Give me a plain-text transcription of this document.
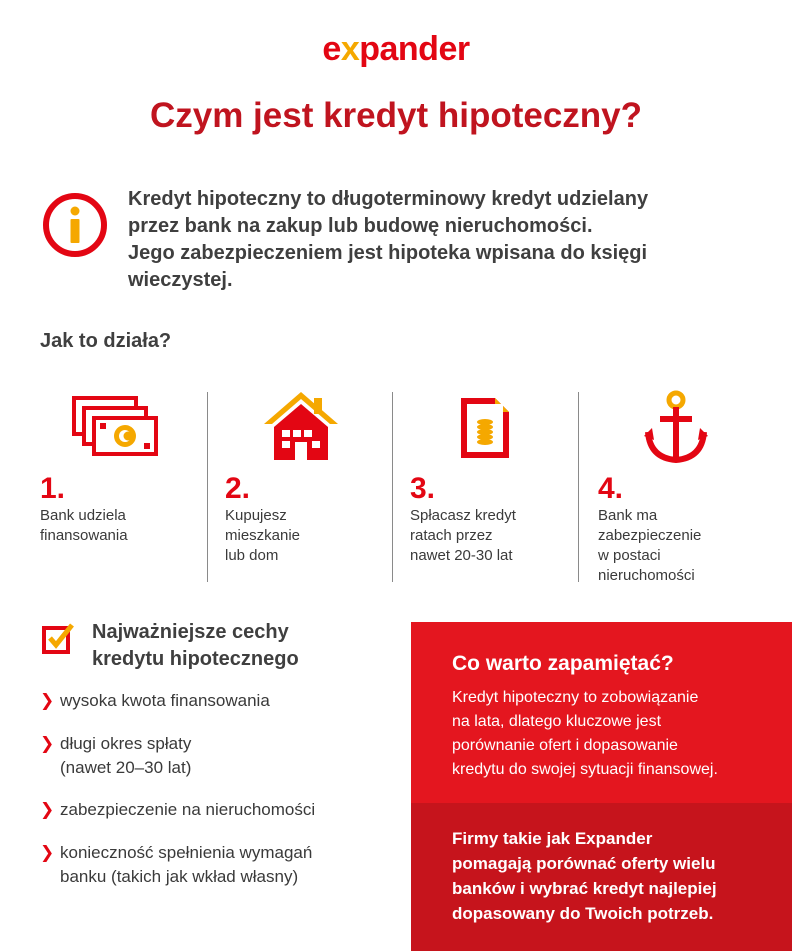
expander
Czym jest kredyt hipoteczny?
Kredyt hipoteczny to długoterminowy kredyt udzielany
przez bank na zakup lub budowę nieruchomości.
Jego zabezpieczeniem jest hipoteka wpisana do księgi
wieczystej.
Jak to działa?
1.
Bank udziela
finansowania
2.
Kupujesz
mieszkanie
lub dom
3.
Spłacasz kredyt
ratach przez
nawet 20-30 lat
4.
Bank ma
zabezpieczenie
w postaci
nieruchomości
Najważniejsze cechy
kredytu hipotecznego
❯ wysoka kwota finansowania
❯ długi okres spłaty
(nawet 20–30 lat)
❯ zabezpieczenie na nieruchomości
❯ konieczność spełnienia wymagań
banku (takich jak wkład własny)
Co warto zapamiętać?
Kredyt hipoteczny to zobowiązanie
na lata, dlatego kluczowe jest
porównanie ofert i dopasowanie
kredytu do swojej sytuacji finansowej.
Firmy takie jak Expander
pomagają porównać oferty wielu
banków i wybrać kredyt najlepiej
dopasowany do Twoich potrzeb.
